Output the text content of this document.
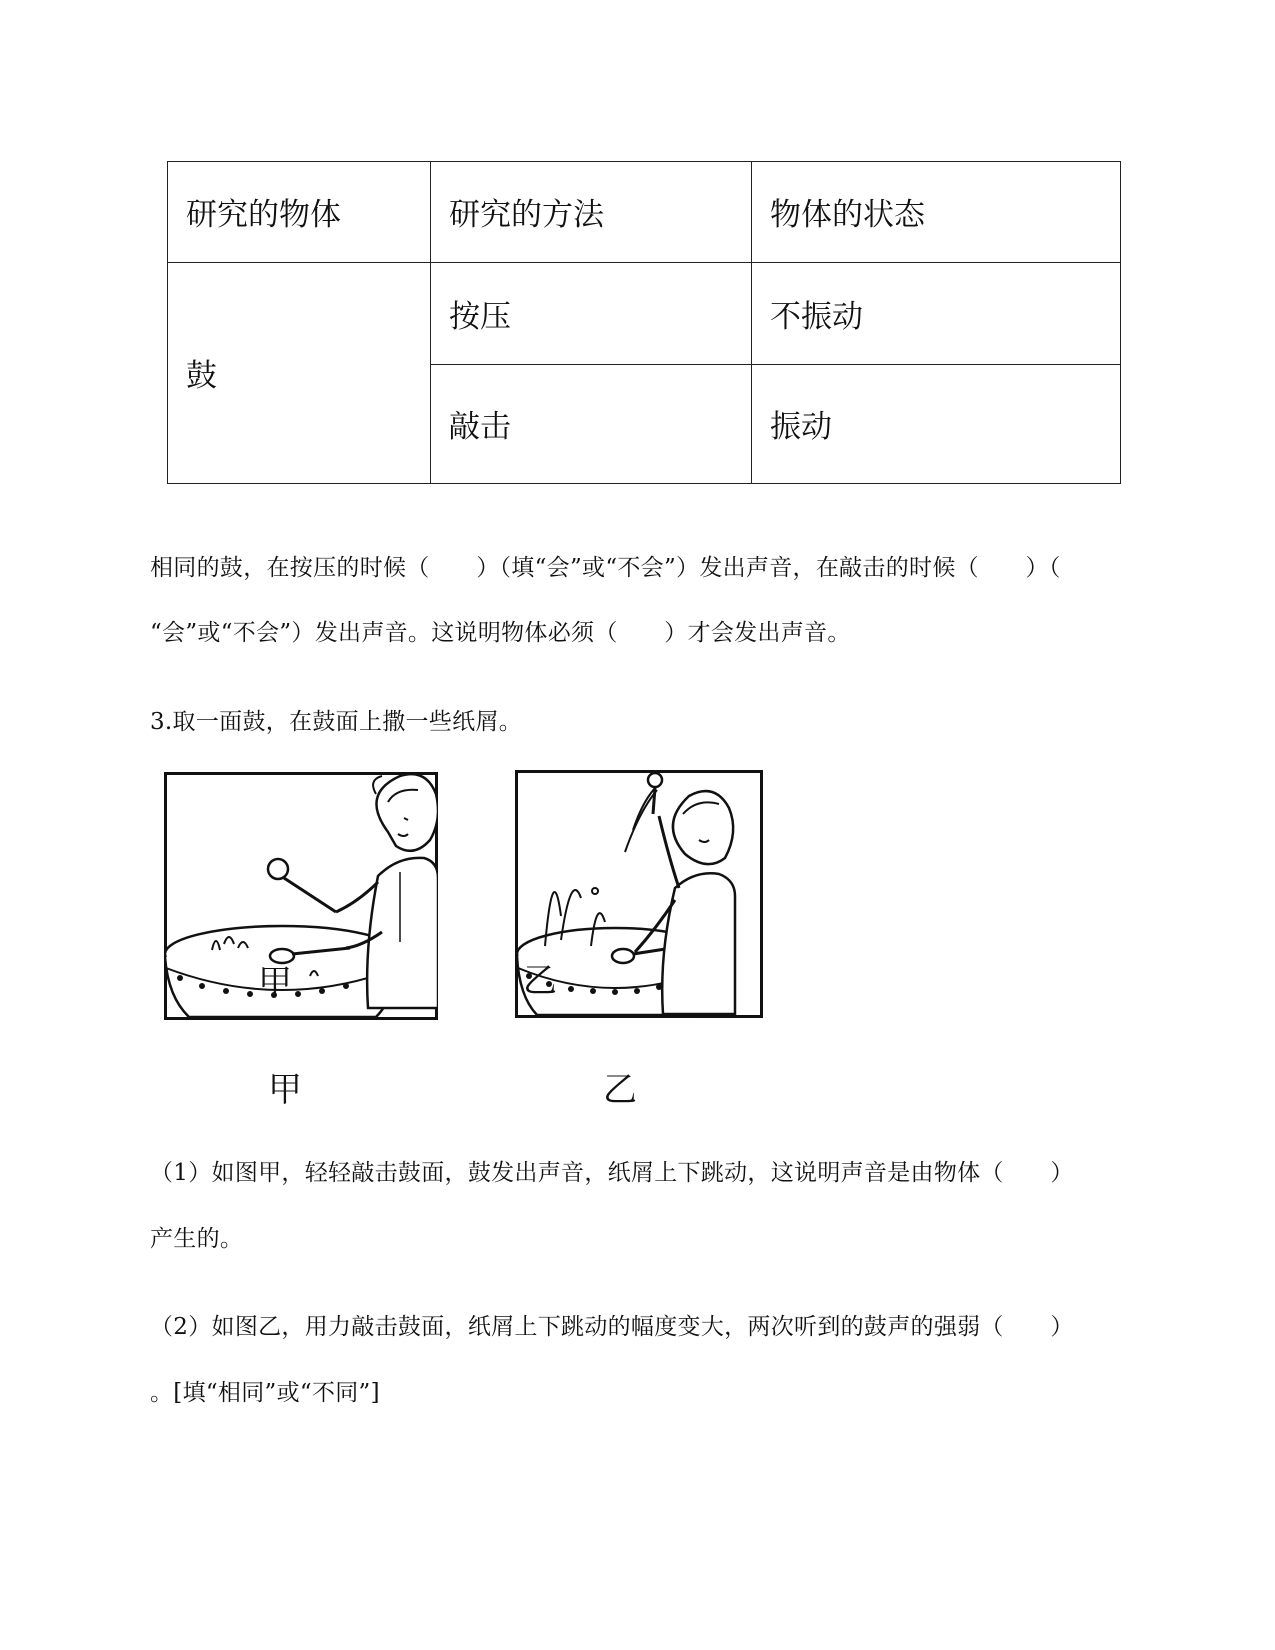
研究的物体	研究的方法	物体的状态
鼓	按压	不振动
	敲击	振动

相同的鼓，在按压的时候（　　）（填“会”或“不会”）发出声音，在敲击的时候（　　）（

“会”或“不会”）发出声音。这说明物体必须（　　）才会发出声音。

3.取一面鼓，在鼓面上撒一些纸屑。

甲
甲
乙
乙

（1）如图甲，轻轻敲击鼓面，鼓发出声音，纸屑上下跳动，这说明声音是由物体（　　）

产生的。

（2）如图乙，用力敲击鼓面，纸屑上下跳动的幅度变大，两次听到的鼓声的强弱（　　）

。[填“相同”或“不同”]
